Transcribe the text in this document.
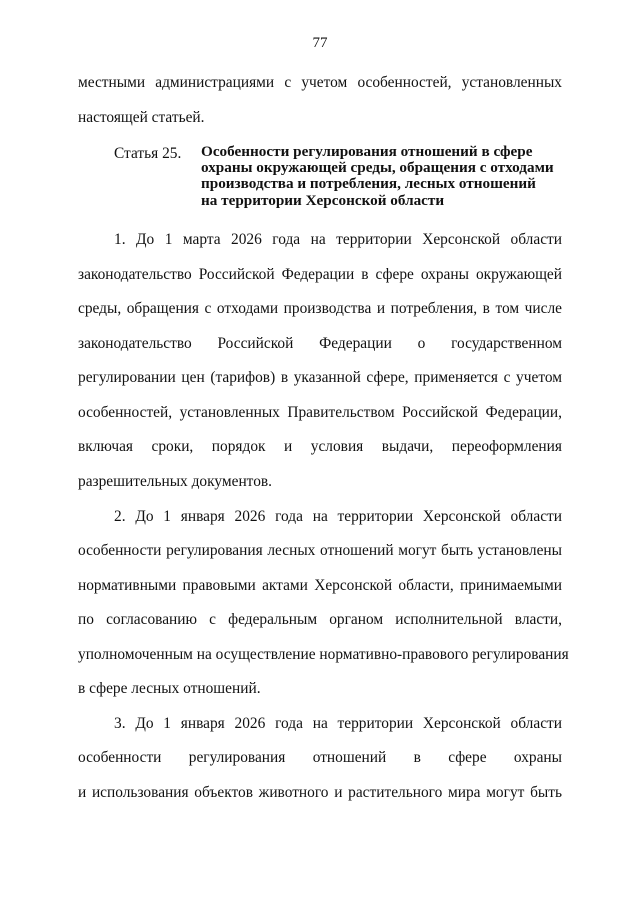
77
местными администрациями с учетом особенностей, установленных
настоящей статьей.
Статья 25. Особенности регулирования отношений в сфере
охраны окружающей среды, обращения с отходами
производства и потребления, лесных отношений
на территории Херсонской области
1. До 1 марта 2026 года на территории Херсонской области
законодательство Российской Федерации в сфере охраны окружающей
среды, обращения с отходами производства и потребления, в том числе
законодательство Российской Федерации о государственном
регулировании цен (тарифов) в указанной сфере, применяется с учетом
особенностей, установленных Правительством Российской Федерации,
включая сроки, порядок и условия выдачи, переоформления
разрешительных документов.
2. До 1 января 2026 года на территории Херсонской области
особенности регулирования лесных отношений могут быть установлены
нормативными правовыми актами Херсонской области, принимаемыми
по согласованию с федеральным органом исполнительной власти,
уполномоченным на осуществление нормативно-правового регулирования
в сфере лесных отношений.
3. До 1 января 2026 года на территории Херсонской области
особенности регулирования отношений в сфере охраны
и использования объектов животного и растительного мира могут быть
